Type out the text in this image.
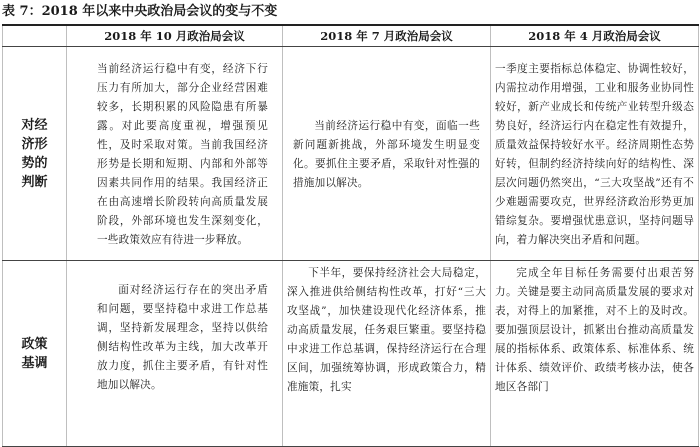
表 7：2018 年以来中央政治局会议的变与不变
	2018 年 10 月政治局会议	2018 年 7 月政治局会议	2018 年 4 月政治局会议
对经济形势的判断	当前经济运行稳中有变，经济下行压力有所加大，部分企业经营困难较多，长期积累的风险隐患有所暴露。对此要高度重视，增强预见性，及时采取对策。当前我国经济形势是长期和短期、内部和外部等因素共同作用的结果。我国经济正在由高速增长阶段转向高质量发展阶段，外部环境也发生深刻变化，一些政策效应有待进一步释放。	当前经济运行稳中有变，面临一些新问题新挑战，外部环境发生明显变化。要抓住主要矛盾，采取针对性强的措施加以解决。	一季度主要指标总体稳定、协调性较好，内需拉动作用增强，工业和服务业协同性较好，新产业成长和传统产业转型升级态势良好，经济运行内在稳定性有效提升，质量效益保持较好水平。经济周期性态势好转，但制约经济持续向好的结构性、深层次问题仍然突出，“三大攻坚战”还有不少难题需要攻克，世界经济政治形势更加错综复杂。要增强忧患意识，坚持问题导向，着力解决突出矛盾和问题。

政策基调	面对经济运行存在的突出矛盾和问题，要坚持稳中求进工作总基调，坚持新发展理念，坚持以供给侧结构性改革为主线，加大改革开放力度，抓住主要矛盾，有针对性地加以解决。	下半年，要保持经济社会大局稳定，深入推进供给侧结构性改革，打好“三大攻坚战”，加快建设现代化经济体系，推动高质量发展，任务艰巨繁重。要坚持稳中求进工作总基调，保持经济运行在合理区间，加强统筹协调，形成政策合力，精准施策，扎实	完成全年目标任务需要付出艰苦努力。关键是要主动同高质量发展的要求对表，对得上的加紧推，对不上的及时改。要加强顶层设计，抓紧出台推动高质量发展的指标体系、政策体系、标准体系、统计体系、绩效评价、政绩考核办法，使各地区各部门
